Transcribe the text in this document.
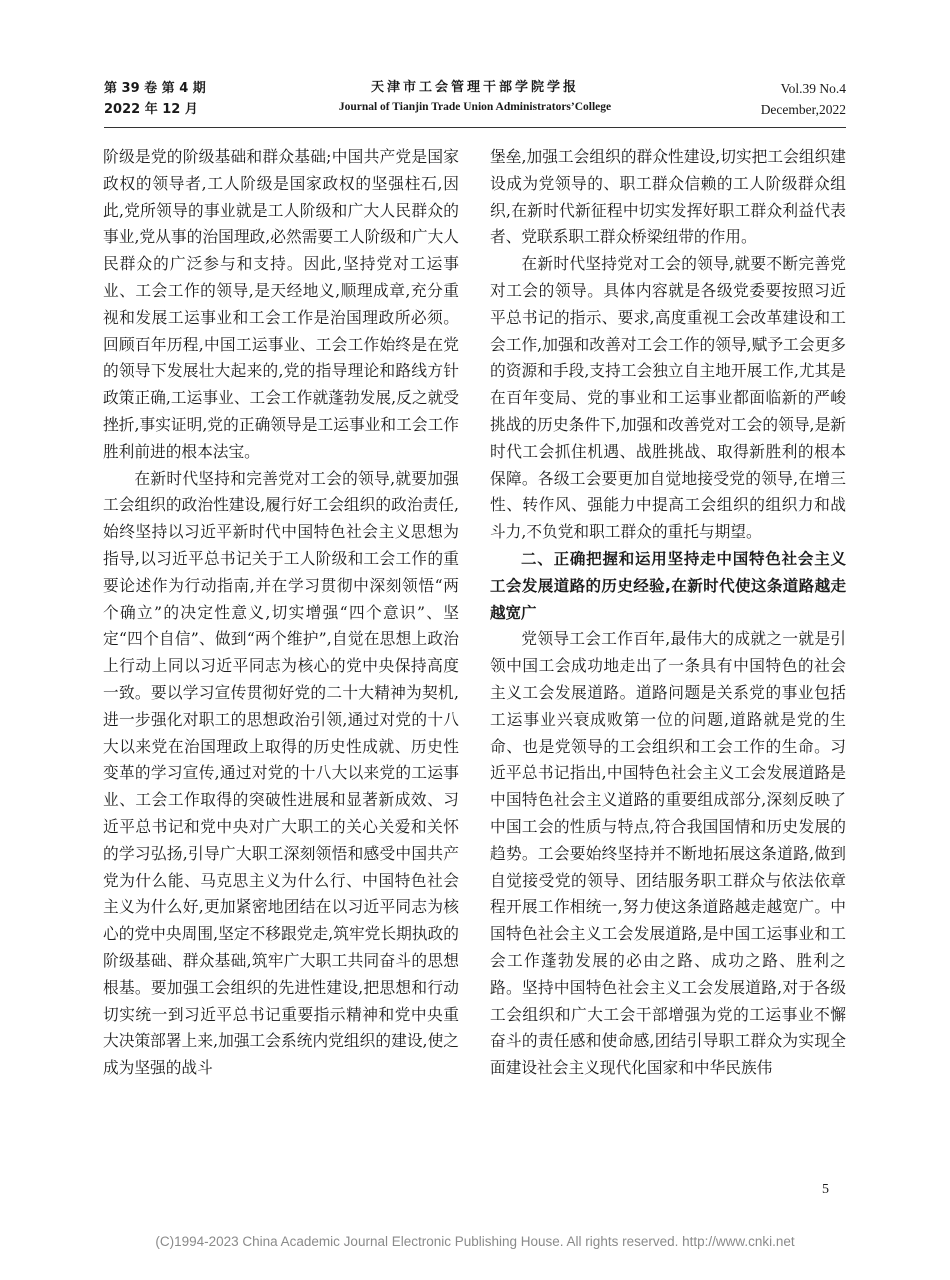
第 39 卷 第 4 期
2022 年 12 月
天津市工会管理干部学院学报
Journal of Tianjin Trade Union Administrators’College
Vol.39 No.4
December,2022

阶级是党的阶级基础和群众基础;中国共产党是国家政权的领导者,工人阶级是国家政权的坚强柱石,因此,党所领导的事业就是工人阶级和广大人民群众的事业,党从事的治国理政,必然需要工人阶级和广大人民群众的广泛参与和支持。因此,坚持党对工运事业、工会工作的领导,是天经地义,顺理成章,充分重视和发展工运事业和工会工作是治国理政所必须。回顾百年历程,中国工运事业、工会工作始终是在党的领导下发展壮大起来的,党的指导理论和路线方针政策正确,工运事业、工会工作就蓬勃发展,反之就受挫折,事实证明,党的正确领导是工运事业和工会工作胜利前进的根本法宝。

在新时代坚持和完善党对工会的领导,就要加强工会组织的政治性建设,履行好工会组织的政治责任,始终坚持以习近平新时代中国特色社会主义思想为指导,以习近平总书记关于工人阶级和工会工作的重要论述作为行动指南,并在学习贯彻中深刻领悟“两个确立”的决定性意义,切实增强“四个意识”、坚定“四个自信”、做到“两个维护”,自觉在思想上政治上行动上同以习近平同志为核心的党中央保持高度一致。要以学习宣传贯彻好党的二十大精神为契机,进一步强化对职工的思想政治引领,通过对党的十八大以来党在治国理政上取得的历史性成就、历史性变革的学习宣传,通过对党的十八大以来党的工运事业、工会工作取得的突破性进展和显著新成效、习近平总书记和党中央对广大职工的关心关爱和关怀的学习弘扬,引导广大职工深刻领悟和感受中国共产党为什么能、马克思主义为什么行、中国特色社会主义为什么好,更加紧密地团结在以习近平同志为核心的党中央周围,坚定不移跟党走,筑牢党长期执政的阶级基础、群众基础,筑牢广大职工共同奋斗的思想根基。要加强工会组织的先进性建设,把思想和行动切实统一到习近平总书记重要指示精神和党中央重大决策部署上来,加强工会系统内党组织的建设,使之成为坚强的战斗

堡垒,加强工会组织的群众性建设,切实把工会组织建设成为党领导的、职工群众信赖的工人阶级群众组织,在新时代新征程中切实发挥好职工群众利益代表者、党联系职工群众桥梁纽带的作用。

在新时代坚持党对工会的领导,就要不断完善党对工会的领导。具体内容就是各级党委要按照习近平总书记的指示、要求,高度重视工会改革建设和工会工作,加强和改善对工会工作的领导,赋予工会更多的资源和手段,支持工会独立自主地开展工作,尤其是在百年变局、党的事业和工运事业都面临新的严峻挑战的历史条件下,加强和改善党对工会的领导,是新时代工会抓住机遇、战胜挑战、取得新胜利的根本保障。各级工会要更加自觉地接受党的领导,在增三性、转作风、强能力中提高工会组织的组织力和战斗力,不负党和职工群众的重托与期望。

二、正确把握和运用坚持走中国特色社会主义工会发展道路的历史经验,在新时代使这条道路越走越宽广

党领导工会工作百年,最伟大的成就之一就是引领中国工会成功地走出了一条具有中国特色的社会主义工会发展道路。道路问题是关系党的事业包括工运事业兴衰成败第一位的问题,道路就是党的生命、也是党领导的工会组织和工会工作的生命。习近平总书记指出,中国特色社会主义工会发展道路是中国特色社会主义道路的重要组成部分,深刻反映了中国工会的性质与特点,符合我国国情和历史发展的趋势。工会要始终坚持并不断地拓展这条道路,做到自觉接受党的领导、团结服务职工群众与依法依章程开展工作相统一,努力使这条道路越走越宽广。中国特色社会主义工会发展道路,是中国工运事业和工会工作蓬勃发展的必由之路、成功之路、胜利之路。坚持中国特色社会主义工会发展道路,对于各级工会组织和广大工会干部增强为党的工运事业不懈奋斗的责任感和使命感,团结引导职工群众为实现全面建设社会主义现代化国家和中华民族伟

5
(C)1994-2023 China Academic Journal Electronic Publishing House. All rights reserved. http://www.cnki.net
